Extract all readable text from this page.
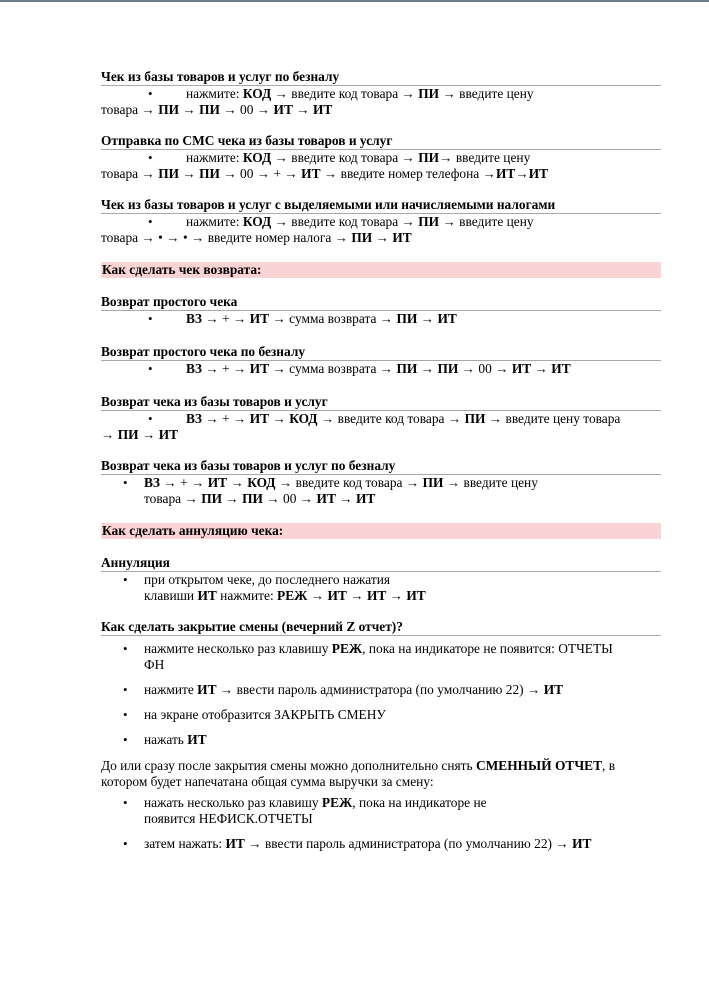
Чек из базы товаров и услуг по безналу
• нажмите: КОД → введите код товара → ПИ → введите цену
товара → ПИ → ПИ → 00 → ИТ → ИТ
Отправка по СМС чека из базы товаров и услуг
• нажмите: КОД → введите код товара → ПИ→ введите цену
товара → ПИ → ПИ → 00 → + → ИТ → введите номер телефона →ИТ→ИТ
Чек из базы товаров и услуг с выделяемыми или начисляемыми налогами
• нажмите: КОД → введите код товара → ПИ → введите цену
товара → • → • → введите номер налога → ПИ → ИТ
Как сделать чек возврата:
Возврат простого чека
• ВЗ → + → ИТ → сумма возврата → ПИ → ИТ
Возврат простого чека по безналу
• ВЗ → + → ИТ → сумма возврата → ПИ → ПИ → 00 → ИТ → ИТ
Возврат чека из базы товаров и услуг
• ВЗ → + → ИТ → КОД → введите код товара → ПИ → введите цену товара
→ ПИ → ИТ
Возврат чека из базы товаров и услуг по безналу
• ВЗ → + → ИТ → КОД → введите код товара → ПИ → введите цену
товара → ПИ → ПИ → 00 → ИТ → ИТ
Как сделать аннуляцию чека:
Аннуляция
• при открытом чеке, до последнего нажатия
клавиши ИТ нажмите: РЕЖ → ИТ → ИТ → ИТ
Как сделать закрытие смены (вечерний Z отчет)?
• нажмите несколько раз клавишу РЕЖ, пока на индикаторе не появится: ОТЧЕТЫ
ФН
• нажмите ИТ → ввести пароль администратора (по умолчанию 22) → ИТ
• на экране отобразится ЗАКРЫТЬ СМЕНУ
• нажать ИТ
До или сразу после закрытия смены можно дополнительно снять СМЕННЫЙ ОТЧЕТ, в
котором будет напечатана общая сумма выручки за смену:
• нажать несколько раз клавишу РЕЖ, пока на индикаторе не
появится НЕФИСК.ОТЧЕТЫ
• затем нажать: ИТ → ввести пароль администратора (по умолчанию 22) → ИТ
